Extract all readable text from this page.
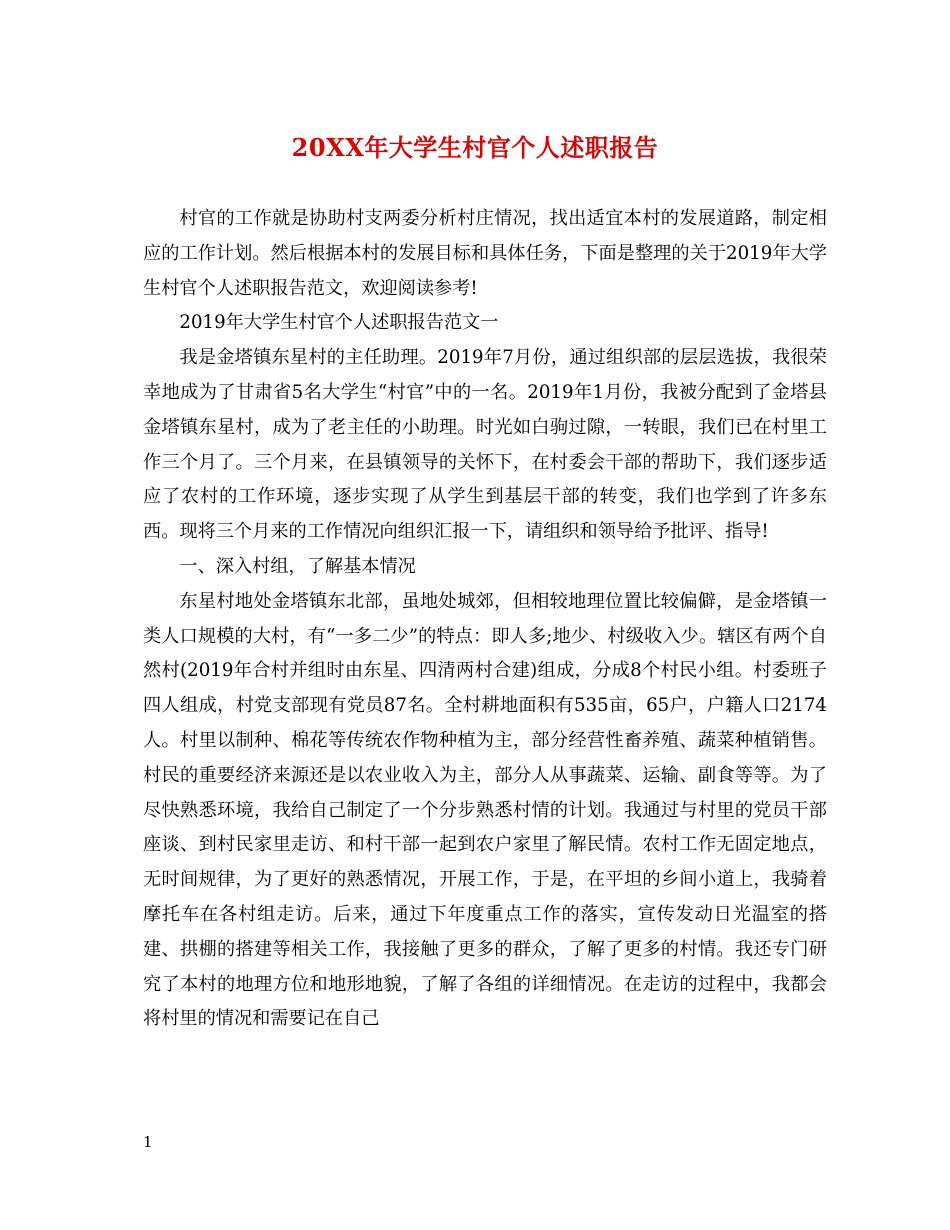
20XX年大学生村官个人述职报告

村官的工作就是协助村支两委分析村庄情况，找出适宜本村的发展道路，制定相应的工作计划。然后根据本村的发展目标和具体任务，下面是整理的关于2019年大学生村官个人述职报告范文，欢迎阅读参考!

2019年大学生村官个人述职报告范文一

我是金塔镇东星村的主任助理。2019年7月份，通过组织部的层层选拔，我很荣幸地成为了甘肃省5名大学生“村官”中的一名。2019年1月份，我被分配到了金塔县金塔镇东星村，成为了老主任的小助理。时光如白驹过隙，一转眼，我们已在村里工作三个月了。三个月来，在县镇领导的关怀下，在村委会干部的帮助下，我们逐步适应了农村的工作环境，逐步实现了从学生到基层干部的转变，我们也学到了许多东西。现将三个月来的工作情况向组织汇报一下，请组织和领导给予批评、指导!

一、深入村组，了解基本情况

东星村地处金塔镇东北部，虽地处城郊，但相较地理位置比较偏僻，是金塔镇一类人口规模的大村，有“一多二少”的特点：即人多;地少、村级收入少。辖区有两个自然村(2019年合村并组时由东星、四清两村合建)组成，分成8个村民小组。村委班子四人组成，村党支部现有党员87名。全村耕地面积有535亩，65户，户籍人口2174人。村里以制种、棉花等传统农作物种植为主，部分经营性畜养殖、蔬菜种植销售。村民的重要经济来源还是以农业收入为主，部分人从事蔬菜、运输、副食等等。为了尽快熟悉环境，我给自己制定了一个分步熟悉村情的计划。我通过与村里的党员干部座谈、到村民家里走访、和村干部一起到农户家里了解民情。农村工作无固定地点，无时间规律，为了更好的熟悉情况，开展工作，于是，在平坦的乡间小道上，我骑着摩托车在各村组走访。后来，通过下年度重点工作的落实，宣传发动日光温室的搭建、拱棚的搭建等相关工作，我接触了更多的群众，了解了更多的村情。我还专门研究了本村的地理方位和地形地貌，了解了各组的详细情况。在走访的过程中，我都会将村里的情况和需要记在自己

1
